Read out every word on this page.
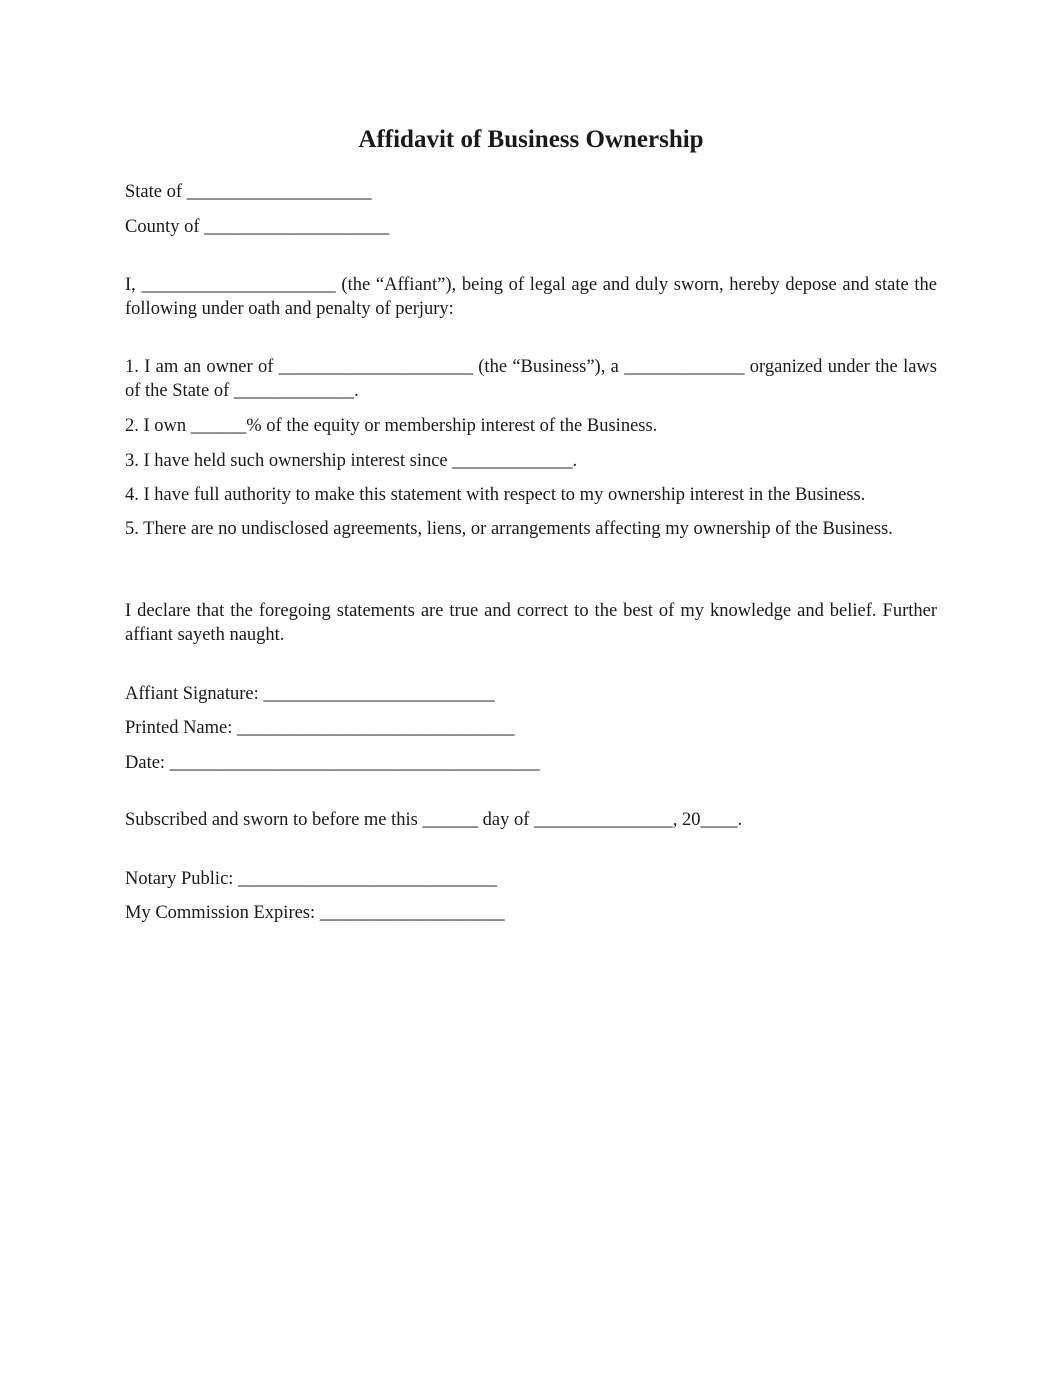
Affidavit of Business Ownership
State of ____________________
County of ____________________
I, _____________________ (the “Affiant”), being of legal age and duly sworn, hereby depose and state the following under oath and penalty of perjury:
1. I am an owner of _____________________ (the “Business”), a _____________ organized under the laws of the State of _____________.
2. I own ______% of the equity or membership interest of the Business.
3. I have held such ownership interest since _____________.
4. I have full authority to make this statement with respect to my ownership interest in the Business.
5. There are no undisclosed agreements, liens, or arrangements affecting my ownership of the Business.
I declare that the foregoing statements are true and correct to the best of my knowledge and belief. Further affiant sayeth naught.
Affiant Signature: _________________________
Printed Name: ______________________________
Date: ________________________________________
Subscribed and sworn to before me this ______ day of _______________, 20____.
Notary Public: ____________________________
My Commission Expires: ____________________
